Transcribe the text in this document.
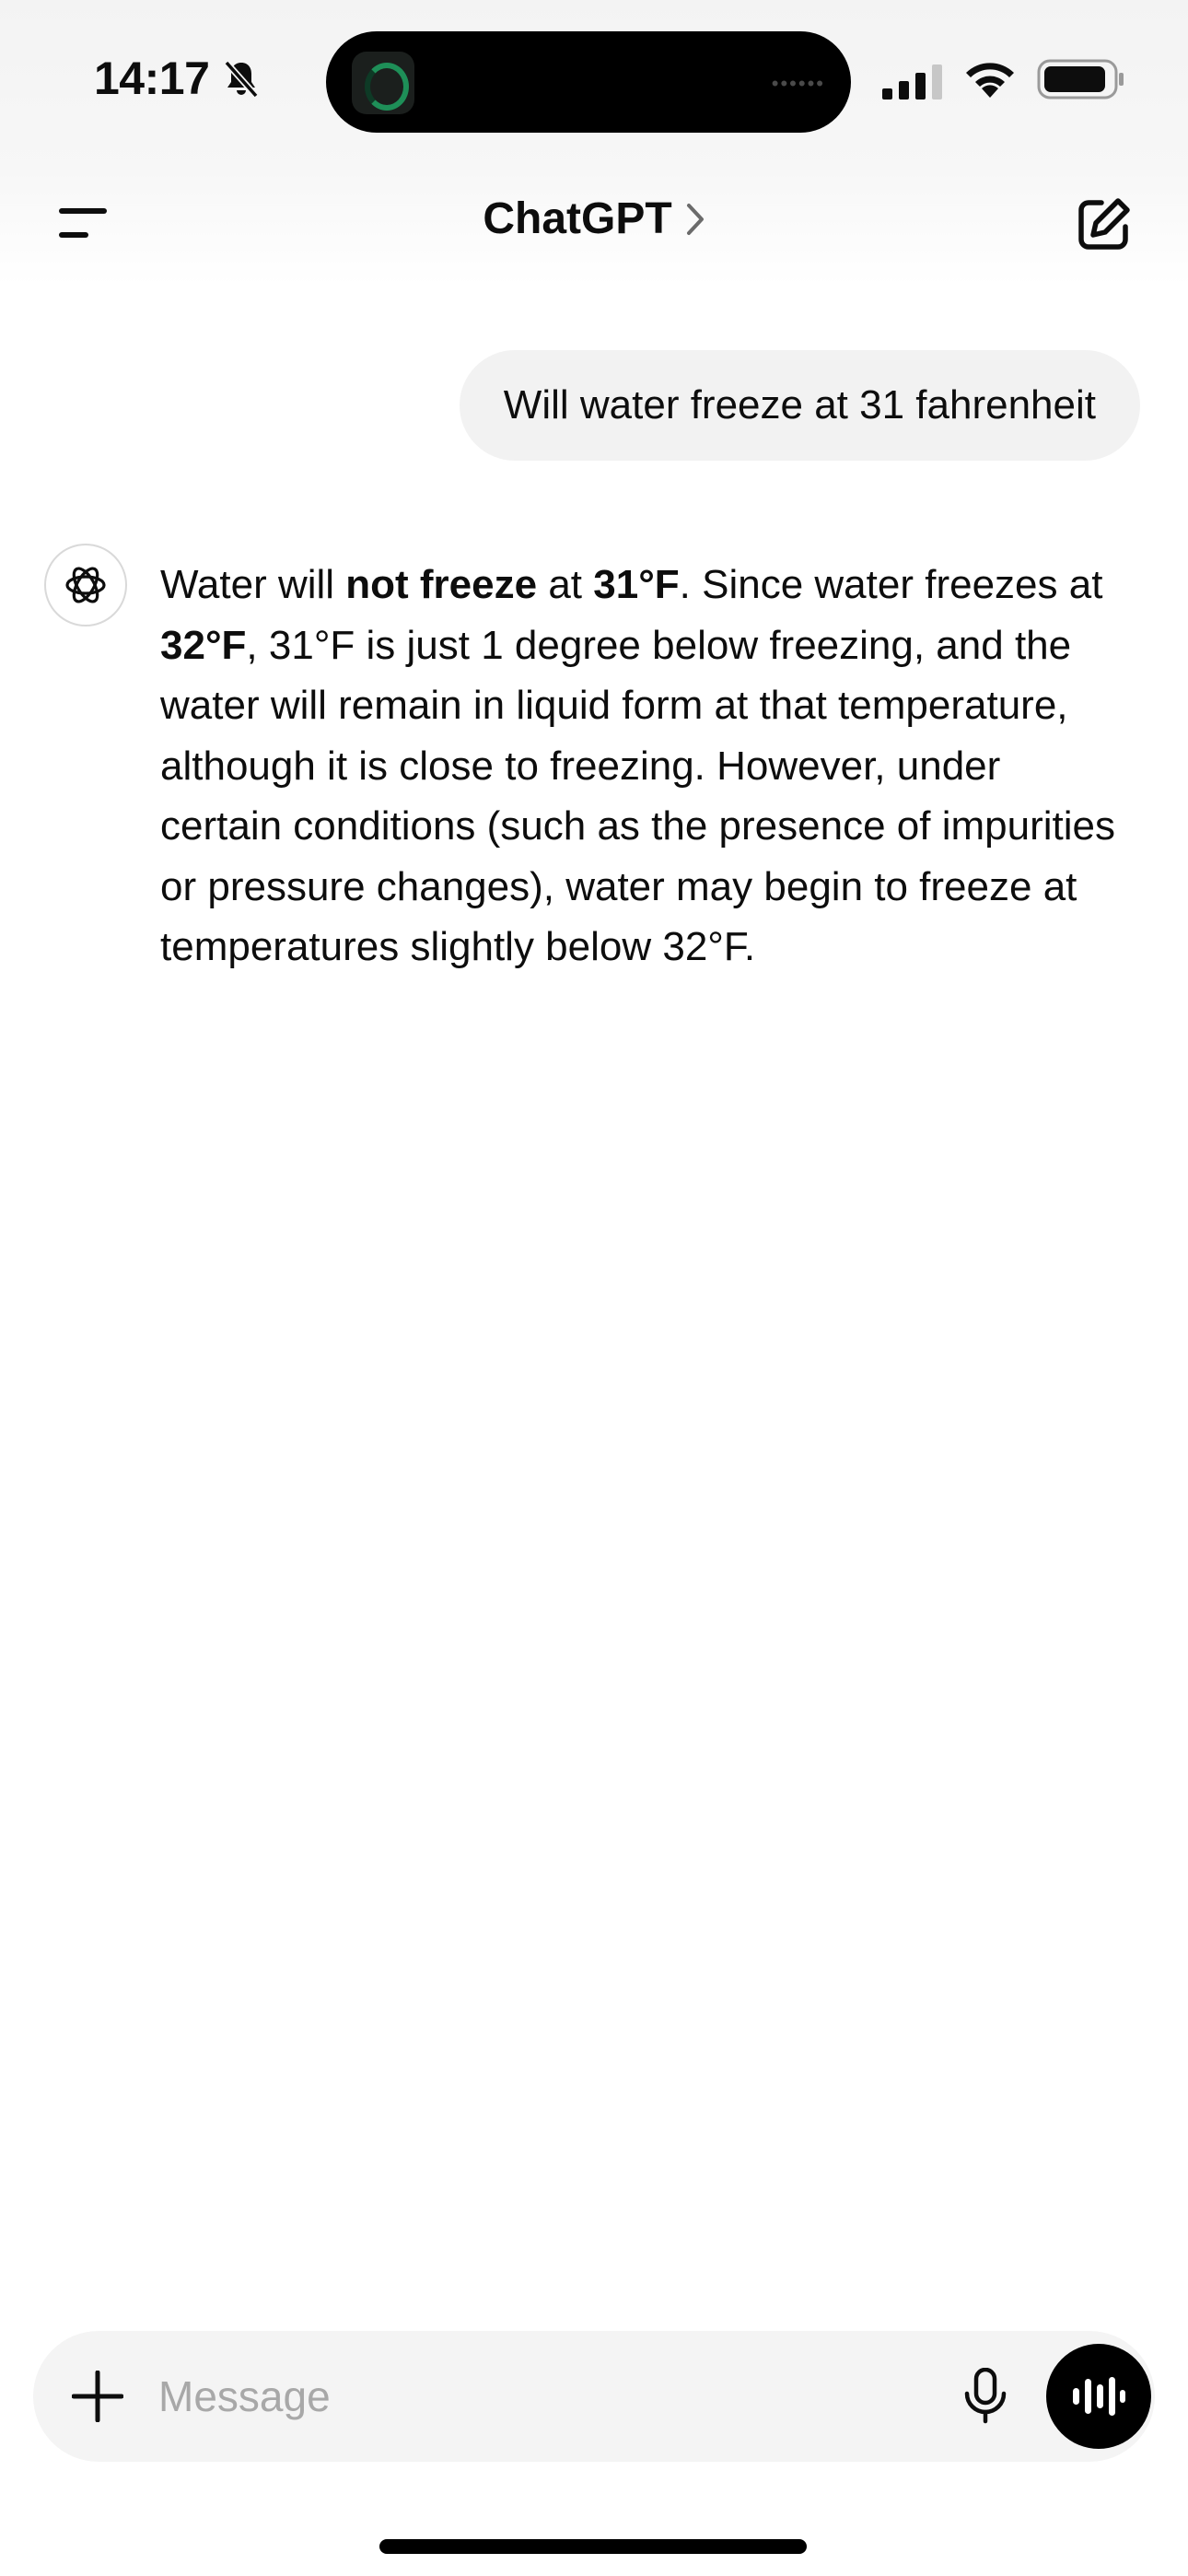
14:17	••••••
ChatGPT
Will water freeze at 31 fahrenheit
Water will not freeze at 31°F. Since water freezes at 32°F, 31°F is just 1 degree below freezing, and the water will remain in liquid form at that temperature, although it is close to freezing. However, under certain conditions (such as the presence of impurities or pressure changes), water may begin to freeze at temperatures slightly below 32°F.
Message
